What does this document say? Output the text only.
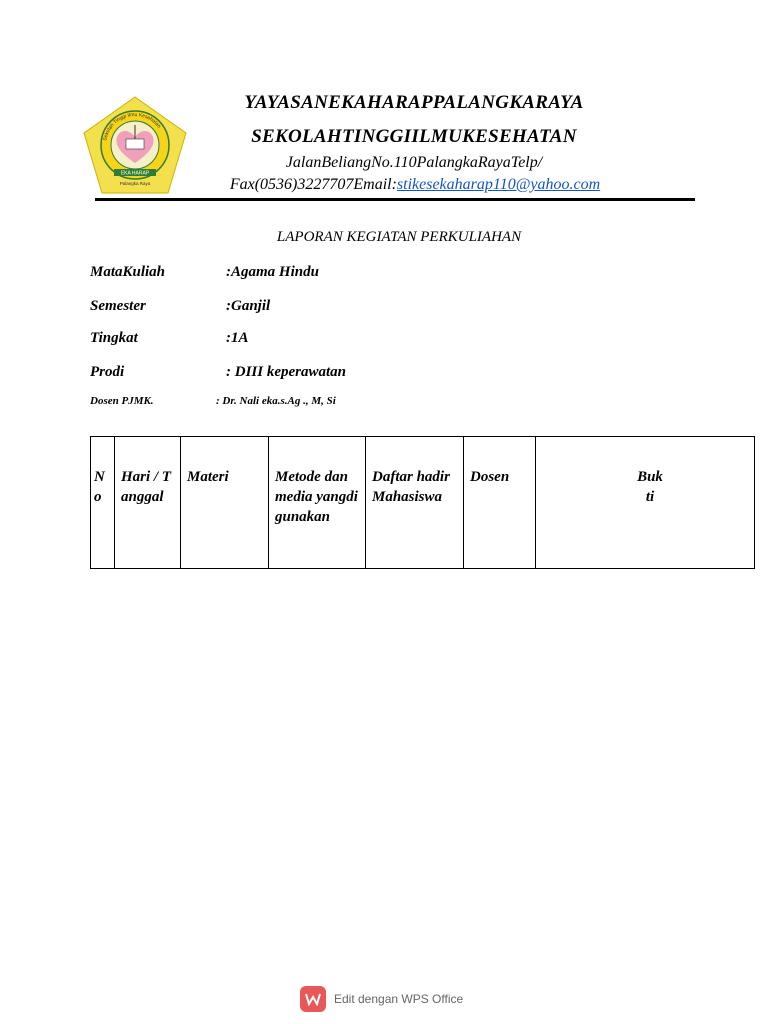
EKA HARAP
Palangka Raya
Sekolah Tinggi Ilmu Kesehatan
YAYASANEKAHARAPPALANGKARAYA
SEKOLAHTINGGIILMUKESEHATAN
JalanBeliangNo.110PalangkaRayaTelp/
Fax(0536)3227707Email:stikesekaharap110@yahoo.com
LAPORAN KEGIATAN PERKULIAHAN
MataKuliah	:Agama Hindu
Semester	:Ganjil
Tingkat	:1A
Prodi	: DIII keperawatan
Dosen PJMK.	: Dr. Nali eka.s.Ag ., M, Si
No	Hari / Tanggal	Materi	Metode danmedia yangdigunakan	Daftar hadirMahasiswa	Dosen	Bukti
Edit dengan WPS Office
